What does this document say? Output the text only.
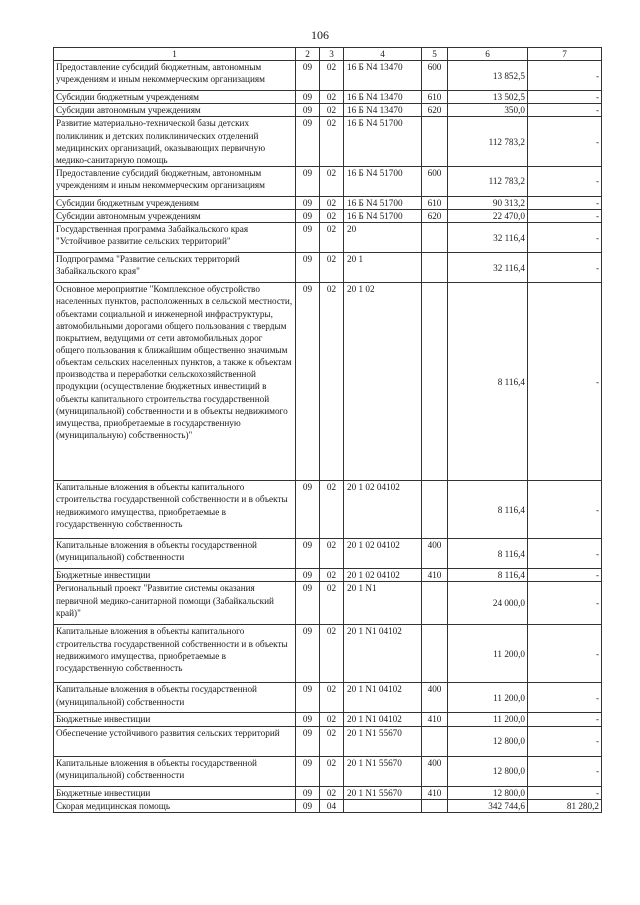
106
1	2	3	4	5	6	7
Предоставление субсидий бюджетным, автономным учреждениям и иным некоммерческим организациям	09	02	16 Б N4 13470	600	13 852,5	-
Субсидии бюджетным учреждениям	09	02	16 Б N4 13470	610	13 502,5	-
Субсидии автономным учреждениям	09	02	16 Б N4 13470	620	350,0	-
Развитие материально-технической базы детских поликлиник и детских поликлинических отделений медицинских организаций, оказывающих первичную медико-санитарную помощь	09	02	16 Б N4 51700		112 783,2	-
Предоставление субсидий бюджетным, автономным учреждениям и иным некоммерческим организациям	09	02	16 Б N4 51700	600	112 783,2	-
Субсидии бюджетным учреждениям	09	02	16 Б N4 51700	610	90 313,2	-
Субсидии автономным учреждениям	09	02	16 Б N4 51700	620	22 470,0	-
Государственная программа Забайкальского края "Устойчивое развитие сельских территорий"	09	02	20		32 116,4	-
Подпрограмма "Развитие сельских территорий Забайкальского края"	09	02	20 1		32 116,4	-
Основное мероприятие "Комплексное обустройство населенных пунктов, расположенных в сельской местности, объектами социальной и инженерной инфраструктуры, автомобильными дорогами общего пользования с твердым покрытием, ведущими от сети автомобильных дорог общего пользования к ближайшим общественно значимым объектам сельских населенных пунктов, а также к объектам производства и переработки сельскохозяйственной продукции (осуществление бюджетных инвестиций в объекты капитального строительства государственной (муниципальной) собственности и в объекты недвижимого имущества, приобретаемые в государственную (муниципальную) собственность)"	09	02	20 1 02		8 116,4	-
Капитальные вложения в объекты капитального строительства государственной собственности и в объекты недвижимого имущества, приобретаемые в государственную собственность	09	02	20 1 02 04102		8 116,4	-
Капитальные вложения в объекты государственной (муниципальной) собственности	09	02	20 1 02 04102	400	8 116,4	-
Бюджетные инвестиции	09	02	20 1 02 04102	410	8 116,4	-
Региональный проект "Развитие системы оказания первичной медико-санитарной помощи (Забайкальский край)"	09	02	20 1 N1		24 000,0	-
Капитальные вложения в объекты капитального строительства государственной собственности и в объекты недвижимого имущества, приобретаемые в государственную собственность	09	02	20 1 N1 04102		11 200,0	-
Капитальные вложения в объекты государственной (муниципальной) собственности	09	02	20 1 N1 04102	400	11 200,0	-
Бюджетные инвестиции	09	02	20 1 N1 04102	410	11 200,0	-
Обеспечение устойчивого развития сельских территорий	09	02	20 1 N1 55670		12 800,0	-
Капитальные вложения в объекты государственной (муниципальной) собственности	09	02	20 1 N1 55670	400	12 800,0	-
Бюджетные инвестиции	09	02	20 1 N1 55670	410	12 800,0	-
Скорая медицинская помощь	09	04			342 744,6	81 280,2
